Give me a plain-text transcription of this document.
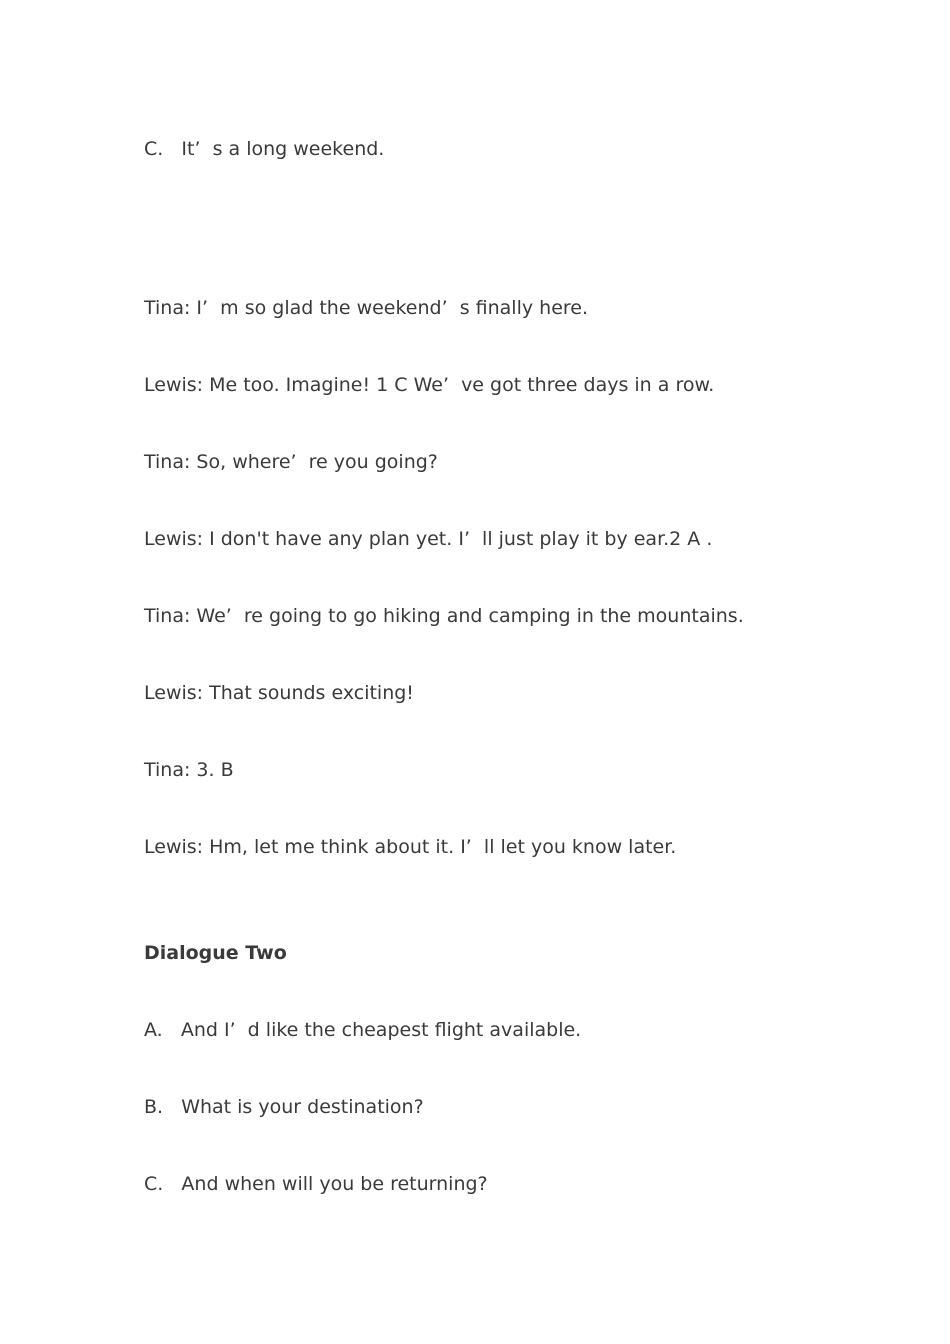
C.   It’  s a long weekend.
Tina: I’  m so glad the weekend’  s finally here.
Lewis: Me too. Imagine! 1 C We’  ve got three days in a row.
Tina: So, where’  re you going?
Lewis: I don't have any plan yet. I’  ll just play it by ear.2 A .
Tina: We’  re going to go hiking and camping in the mountains.
Lewis: That sounds exciting!
Tina: 3. B
Lewis: Hm, let me think about it. I’  ll let you know later.
Dialogue Two
A.   And I’  d like the cheapest flight available.
B.   What is your destination?
C.   And when will you be returning?
